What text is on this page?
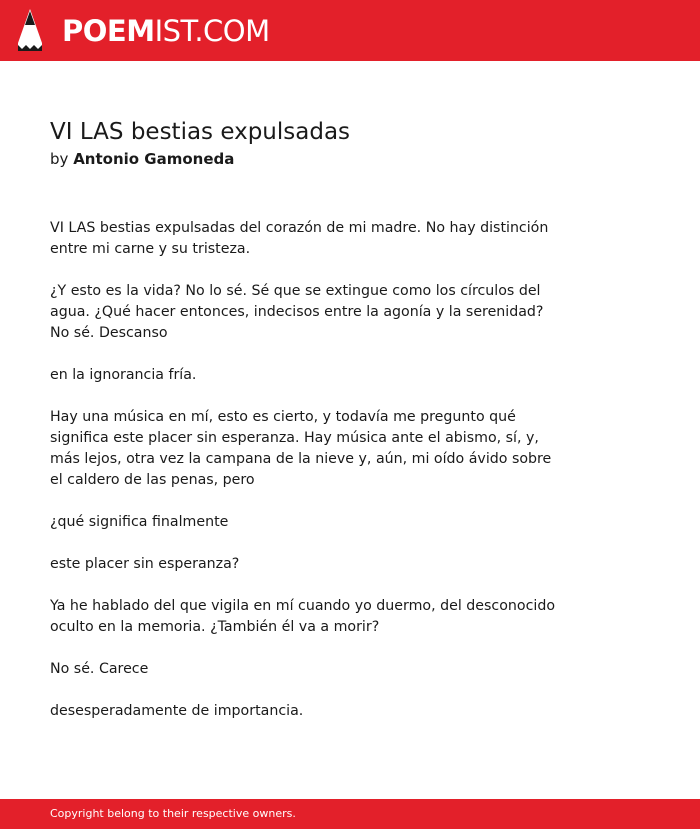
POEMIST.COM
VI LAS bestias expulsadas
by Antonio Gamoneda

VI LAS bestias expulsadas del corazón de mi madre. No hay distinción entre mi carne y su tristeza.

¿Y esto es la vida? No lo sé. Sé que se extingue como los círculos del agua. ¿Qué hacer entonces, indecisos entre la agonía y la serenidad? No sé. Descanso

en la ignorancia fría.

Hay una música en mí, esto es cierto, y todavía me pregunto qué significa este placer sin esperanza. Hay música ante el abismo, sí, y, más lejos, otra vez la campana de la nieve y, aún, mi oído ávido sobre el caldero de las penas, pero

¿qué significa finalmente

este placer sin esperanza?

Ya he hablado del que vigila en mí cuando yo duermo, del desconocido oculto en la memoria. ¿También él va a morir?

No sé. Carece

desesperadamente de importancia.

Copyright belong to their respective owners.
